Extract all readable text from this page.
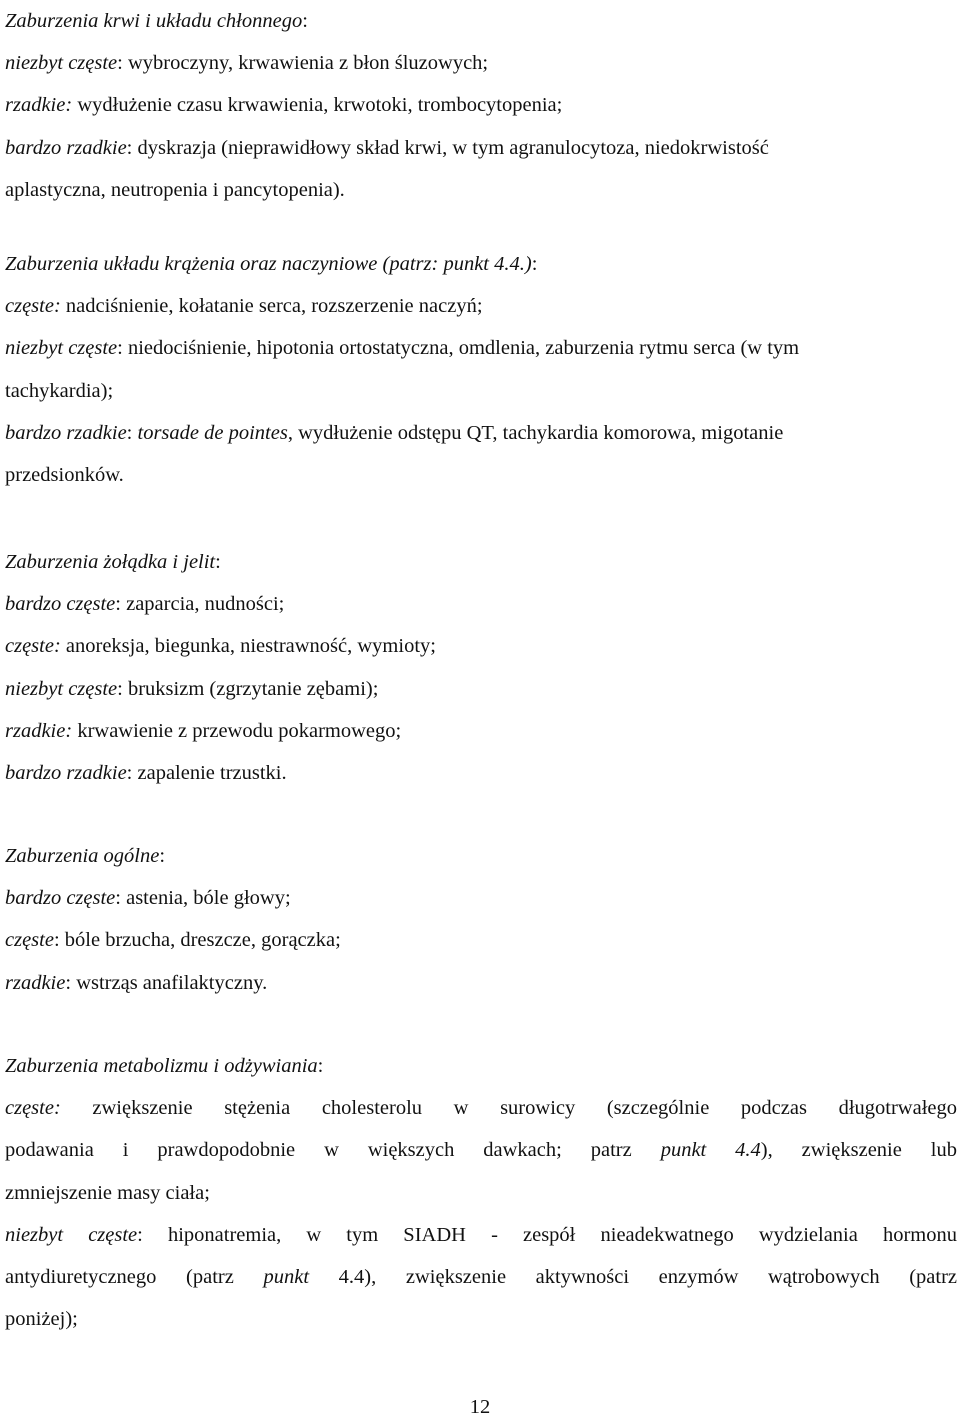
Zaburzenia krwi i układu chłonnego:
niezbyt częste: wybroczyny, krwawienia z błon śluzowych;
rzadkie: wydłużenie czasu krwawienia, krwotoki, trombocytopenia;
bardzo rzadkie: dyskrazja (nieprawidłowy skład krwi, w tym agranulocytoza, niedokrwistość
aplastyczna, neutropenia i pancytopenia).
Zaburzenia układu krążenia oraz naczyniowe (patrz: punkt 4.4.):
częste: nadciśnienie, kołatanie serca, rozszerzenie naczyń;
niezbyt częste: niedociśnienie, hipotonia ortostatyczna, omdlenia, zaburzenia rytmu serca (w tym
tachykardia);
bardzo rzadkie: torsade de pointes, wydłużenie odstępu QT, tachykardia komorowa, migotanie
przedsionków.
Zaburzenia żołądka i jelit:
bardzo częste: zaparcia, nudności;
częste: anoreksja, biegunka, niestrawność, wymioty;
niezbyt częste: bruksizm (zgrzytanie zębami);
rzadkie: krwawienie z przewodu pokarmowego;
bardzo rzadkie: zapalenie trzustki.
Zaburzenia ogólne:
bardzo częste: astenia, bóle głowy;
częste: bóle brzucha, dreszcze, gorączka;
rzadkie: wstrząs anafilaktyczny.
Zaburzenia metabolizmu i odżywiania:
częste: zwiększenie stężenia cholesterolu w surowicy (szczególnie podczas długotrwałego
podawania i prawdopodobnie w większych dawkach; patrz punkt 4.4), zwiększenie lub
zmniejszenie masy ciała;
niezbyt częste: hiponatremia, w tym SIADH - zespół nieadekwatnego wydzielania hormonu
antydiuretycznego (patrz punkt 4.4), zwiększenie aktywności enzymów wątrobowych (patrz
poniżej);
12
